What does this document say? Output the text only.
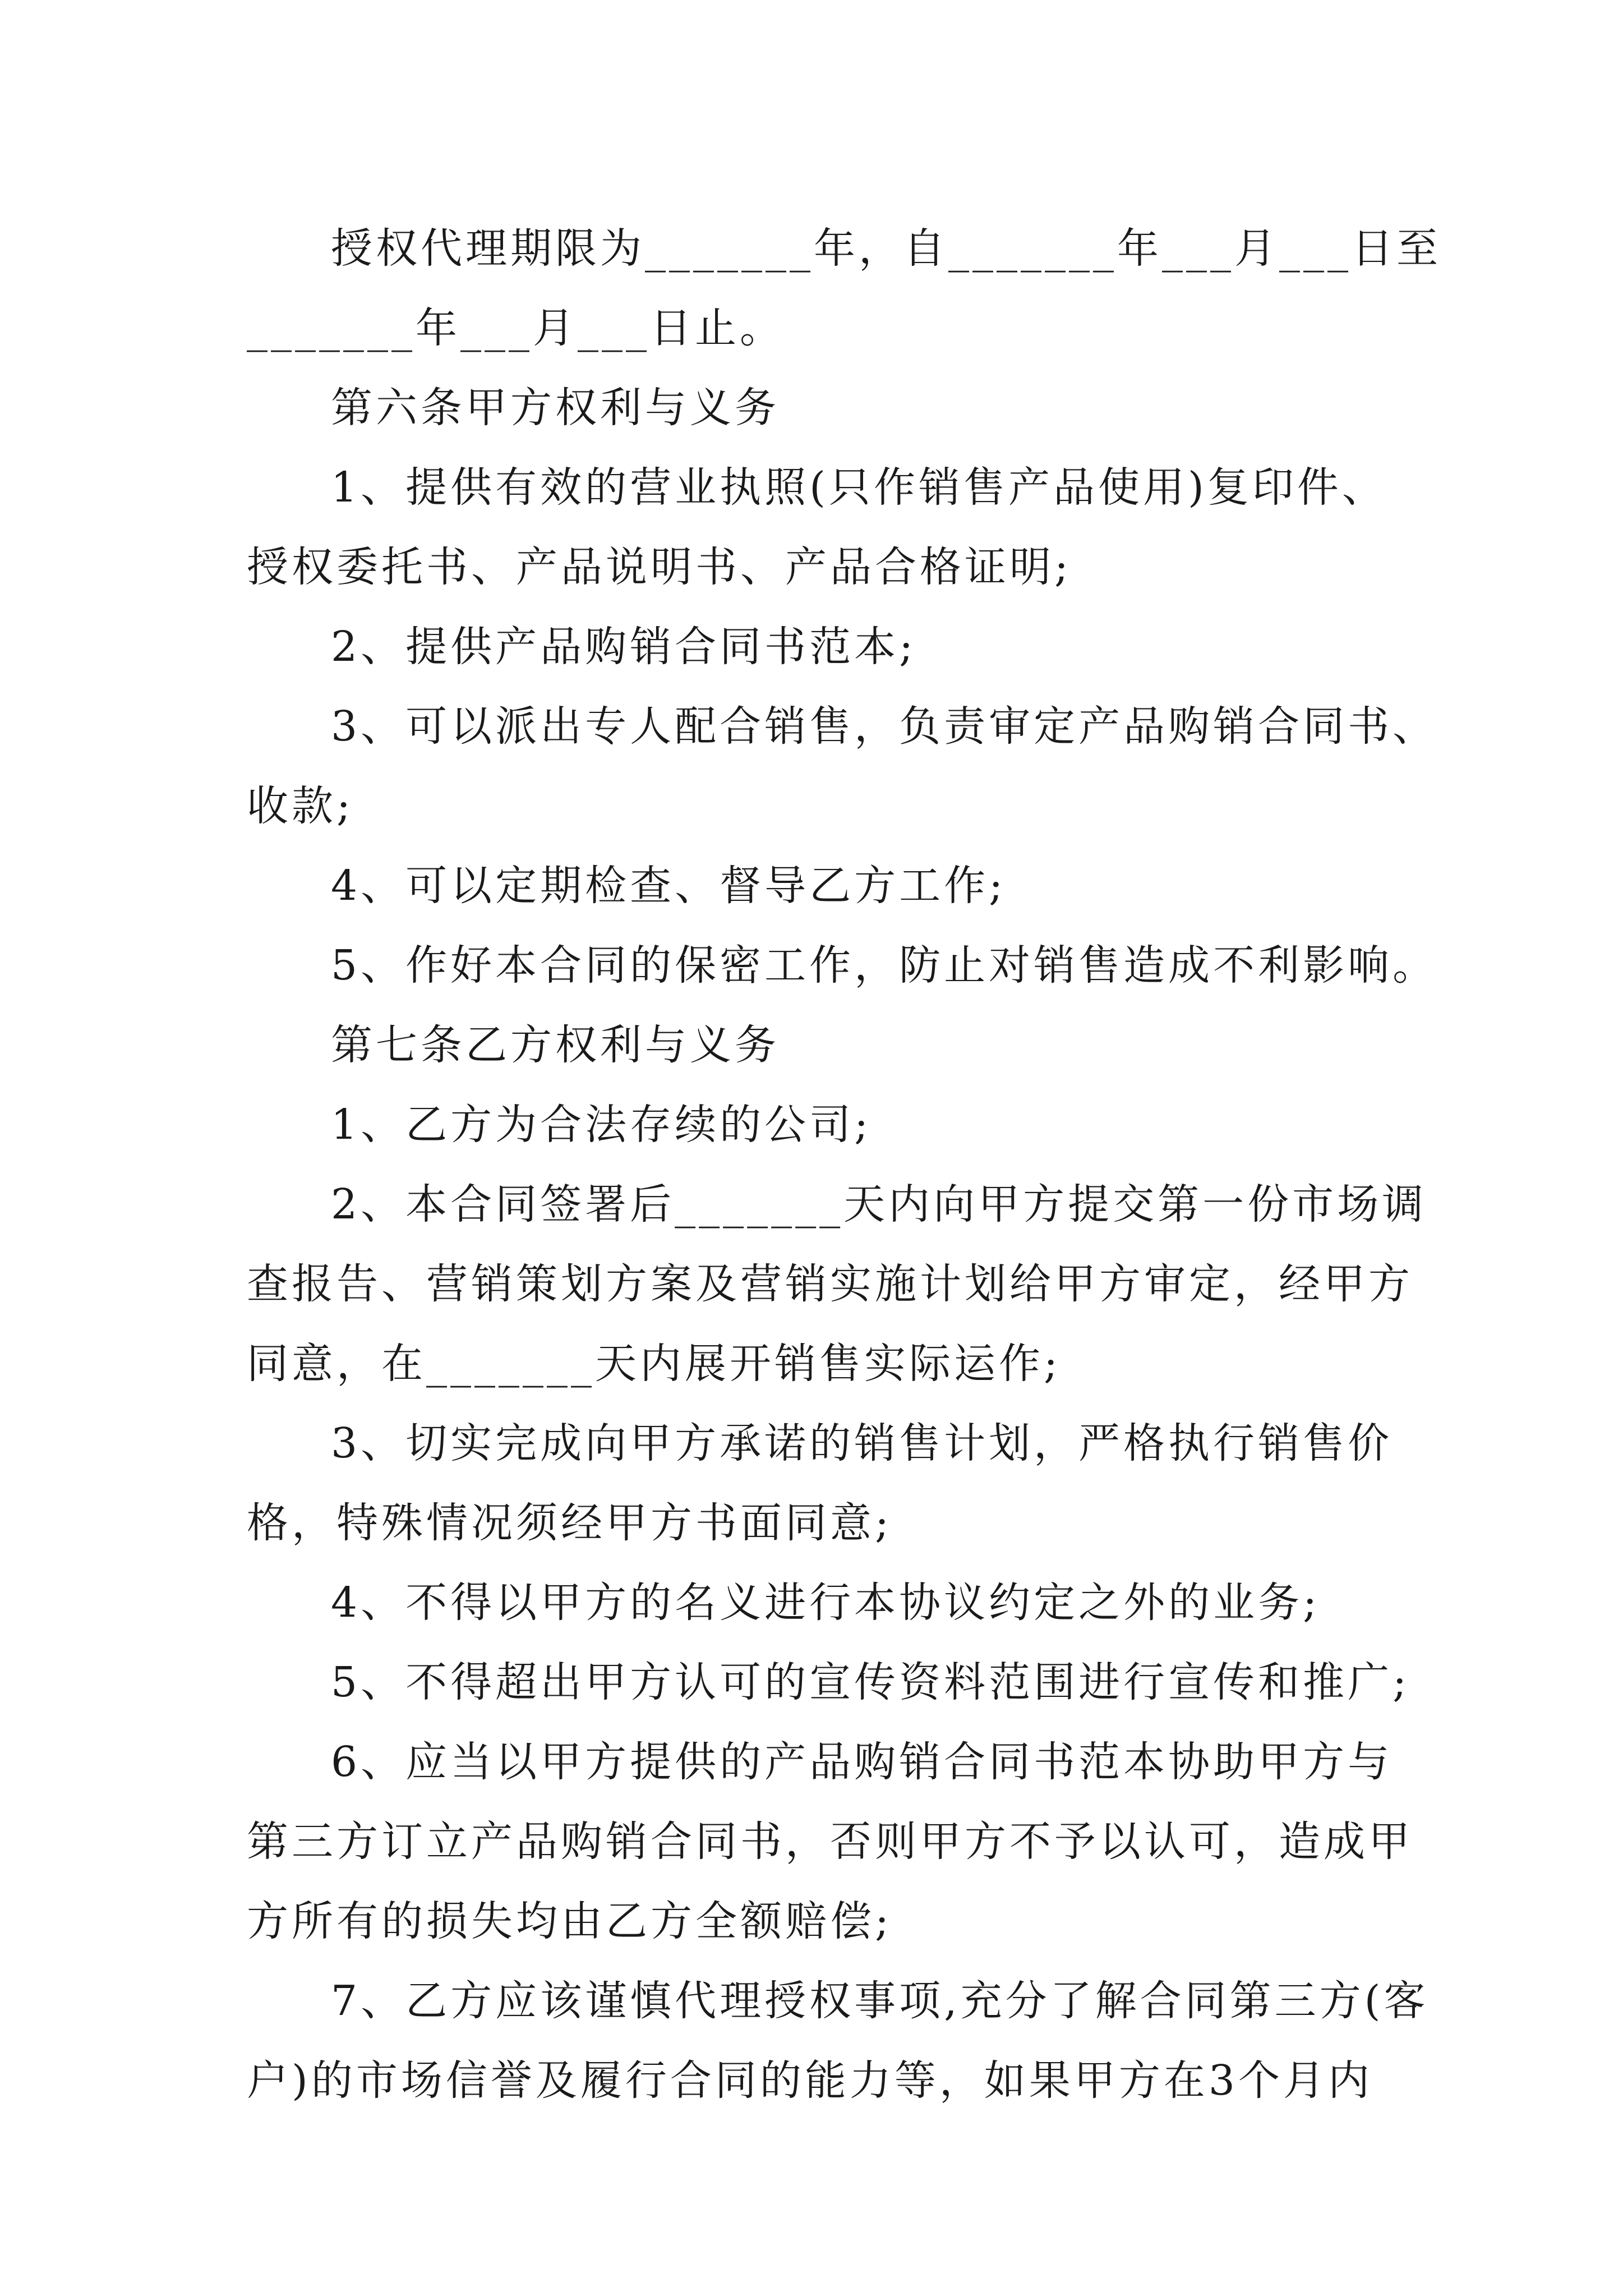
授权代理期限为_______年，自_______年___月___日至
_______年___月___日止。
第六条甲方权利与义务
1、提供有效的营业执照(只作销售产品使用)复印件、
授权委托书、产品说明书、产品合格证明;
2、提供产品购销合同书范本;
3、可以派出专人配合销售，负责审定产品购销合同书、
收款;
4、可以定期检查、督导乙方工作;
5、作好本合同的保密工作，防止对销售造成不利影响。
第七条乙方权利与义务
1、乙方为合法存续的公司;
2、本合同签署后_______天内向甲方提交第一份市场调
查报告、营销策划方案及营销实施计划给甲方审定，经甲方
同意，在_______天内展开销售实际运作;
3、切实完成向甲方承诺的销售计划，严格执行销售价
格，特殊情况须经甲方书面同意;
4、不得以甲方的名义进行本协议约定之外的业务;
5、不得超出甲方认可的宣传资料范围进行宣传和推广;
6、应当以甲方提供的产品购销合同书范本协助甲方与
第三方订立产品购销合同书，否则甲方不予以认可，造成甲
方所有的损失均由乙方全额赔偿;
7、乙方应该谨慎代理授权事项,充分了解合同第三方(客
户)的市场信誉及履行合同的能力等，如果甲方在3个月内
